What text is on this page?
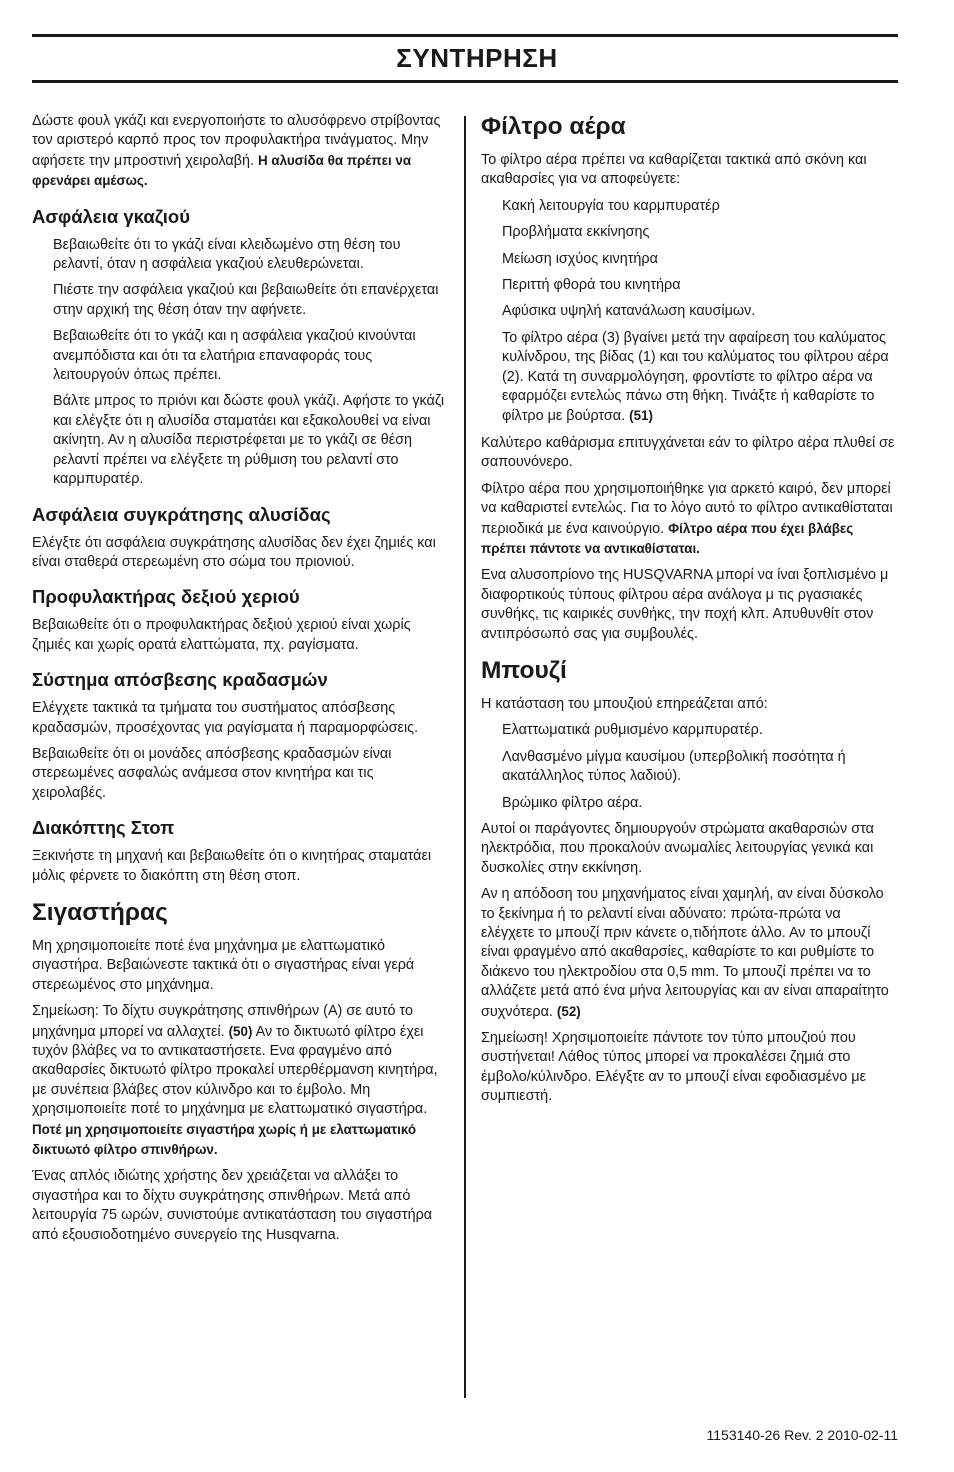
ΣΥΝΤΗΡΗΣΗ

Δώστε φουλ γκάζι και ενεργοποιήστε το αλυσόφρενο στρίβοντας τον αριστερό καρπό προς τον προφυλακτήρα τινάγματος. Μην αφήσετε την μπροστινή χειρολαβή. Η αλυσίδα θα πρέπει να φρενάρει αμέσως.

Ασφάλεια γκαζιού

Βεβαιωθείτε ότι το γκάζι είναι κλειδωμένο στη θέση του ρελαντί, όταν η ασφάλεια γκαζιού ελευθερώνεται.

Πιέστε την ασφάλεια γκαζιού και βεβαιωθείτε ότι επανέρχεται στην αρχική της θέση όταν την αφήνετε.

Βεβαιωθείτε ότι το γκάζι και η ασφάλεια γκαζιού κινούνται ανεμπόδιστα και ότι τα ελατήρια επαναφοράς τους λειτουργούν όπως πρέπει.

Βάλτε μπρος το πριόνι και δώστε φουλ γκάζι. Αφήστε το γκάζι και ελέγξτε ότι η αλυσίδα σταματάει και εξακολουθεί να είναι ακίνητη. Αν η αλυσίδα περιστρέφεται με το γκάζι σε θέση ρελαντί πρέπει να ελέγξετε τη ρύθμιση του ρελαντί στο καρμπυρατέρ.

Ασφάλεια συγκράτησης αλυσίδας

Ελέγξτε ότι ασφάλεια συγκράτησης αλυσίδας δεν έχει ζημιές και είναι σταθερά στερεωμένη στο σώμα του πριονιού.

Προφυλακτήρας δεξιού χεριού

Βεβαιωθείτε ότι ο προφυλακτήρας δεξιού χεριού είναι χωρίς ζημιές και χωρίς ορατά ελαττώματα, πχ. ραγίσματα.

Σύστημα απόσβεσης κραδασμών

Ελέγχετε τακτικά τα τμήματα του συστήματος απόσβεσης κραδασμών, προσέχοντας για ραγίσματα ή παραμορφώσεις.

Βεβαιωθείτε ότι οι μονάδες απόσβεσης κραδασμών είναι στερεωμένες ασφαλώς ανάμεσα στον κινητήρα και τις χειρολαβές.

Διακόπτης Στοπ

Ξεκινήστε τη μηχανή και βεβαιωθείτε ότι ο κινητήρας σταματάει μόλις φέρνετε το διακόπτη στη θέση στοπ.

Σιγαστήρας

Μη χρησιμοποιείτε ποτέ ένα μηχάνημα με ελαττωματικό σιγαστήρα. Βεβαιώνεστε τακτικά ότι ο σιγαστήρας είναι γερά στερεωμένος στο μηχάνημα.

Σημείωση: Το δίχτυ συγκράτησης σπινθήρων (A) σε αυτό το μηχάνημα μπορεί να αλλαχτεί. (50) Αν το δικτυωτό φίλτρο έχει τυχόν βλάβες να το αντικαταστήσετε. Ενα φραγμένο από ακαθαρσίες δικτυωτό φίλτρο προκαλεί υπερθέρμανση κινητήρα, με συνέπεια βλάβες στον κύλινδρο και το έμβολο. Μη χρησιμοποιείτε ποτέ το μηχάνημα με ελαττωματικό σιγαστήρα. Ποτέ μη χρησιμοποιείτε σιγαστήρα χωρίς ή με ελαττωματικό δικτυωτό φίλτρο σπινθήρων.

Ένας απλός ιδιώτης χρήστης δεν χρειάζεται να αλλάξει το σιγαστήρα και το δίχτυ συγκράτησης σπινθήρων. Μετά από λειτουργία 75 ωρών, συνιστούμε αντικατάσταση του σιγαστήρα από εξουσιοδοτημένο συνεργείο της Husqvarna.

Φίλτρο αέρα

Το φίλτρο αέρα πρέπει να καθαρίζεται τακτικά από σκόνη και ακαθαρσίες για να αποφεύγετε:

Κακή λειτουργία του καρμπυρατέρ

Προβλήματα εκκίνησης

Μείωση ισχύος κινητήρα

Περιττή φθορά του κινητήρα

Αφύσικα υψηλή κατανάλωση καυσίμων.

Το φίλτρο αέρα (3) βγαίνει μετά την αφαίρεση του καλύματος κυλίνδρου, της βίδας (1) και του καλύματος του φίλτρου αέρα (2). Κατά τη συναρμολόγηση, φροντίστε το φίλτρο αέρα να εφαρμόζει εντελώς πάνω στη θήκη. Τινάξτε ή καθαρίστε το φίλτρο με βούρτσα. (51)

Καλύτερο καθάρισμα επιτυγχάνεται εάν το φίλτρο αέρα πλυθεί σε σαπουνόνερο.

Φίλτρο αέρα που χρησιμοποιήθηκε για αρκετό καιρό, δεν μπορεί να καθαριστεί εντελώς. Για το λόγο αυτό το φίλτρο αντικαθίσταται περιοδικά με ένα καινούργιο. Φίλτρο αέρα που έχει βλάβες πρέπει πάντοτε να αντικαθίσταται.

Ενα αλυσοπρίονο της HUSQVARNA μπορί να ίναι ξοπλισμένο μ διαφορτικούς τύπους φίλτρου αέρα ανάλογα μ τις ργασιακές συνθήκς, τις καιρικές συνθήκς, την ποχή κλπ. Απυθυνθίτ στον αντιπρόσωπό σας για συμβουλές.

Μπουζί

Η κατάσταση του μπουζιού επηρεάζεται από:

Ελαττωματικά ρυθμισμένο καρμπυρατέρ.

Λανθασμένο μίγμα καυσίμου (υπερβολική ποσότητα ή ακατάλληλος τύπος λαδιού).

Βρώμικο φίλτρο αέρα.

Αυτοί οι παράγοντες δημιουργούν στρώματα ακαθαρσιών στα ηλεκτρόδια, που προκαλούν ανωμαλίες λειτουργίας γενικά και δυσκολίες στην εκκίνηση.

Αν η απόδοση του μηχανήματος είναι χαμηλή, αν είναι δύσκολο το ξεκίνημα ή το ρελαντί είναι αδύνατο: πρώτα-πρώτα να ελέγχετε το μπουζί πριν κάνετε ο,τιδήποτε άλλο. Αν το μπουζί είναι φραγμένο από ακαθαρσίες, καθαρίστε το και ρυθμίστε το διάκενο του ηλεκτροδίου στα 0,5 mm. Το μπουζί πρέπει να το αλλάζετε μετά από ένα μήνα λειτουργίας και αν είναι απαραίτητο συχνότερα. (52)

Σημείωση! Χρησιμοποιείτε πάντοτε τον τύπο μπουζιού που συστήνεται! Λάθος τύπος μπορεί να προκαλέσει ζημιά στο έμβολο/κύλινδρο. Ελέγξτε αν το μπουζί είναι εφοδιασμένο με συμπιεστή.

1153140-26 Rev. 2 2010-02-11
